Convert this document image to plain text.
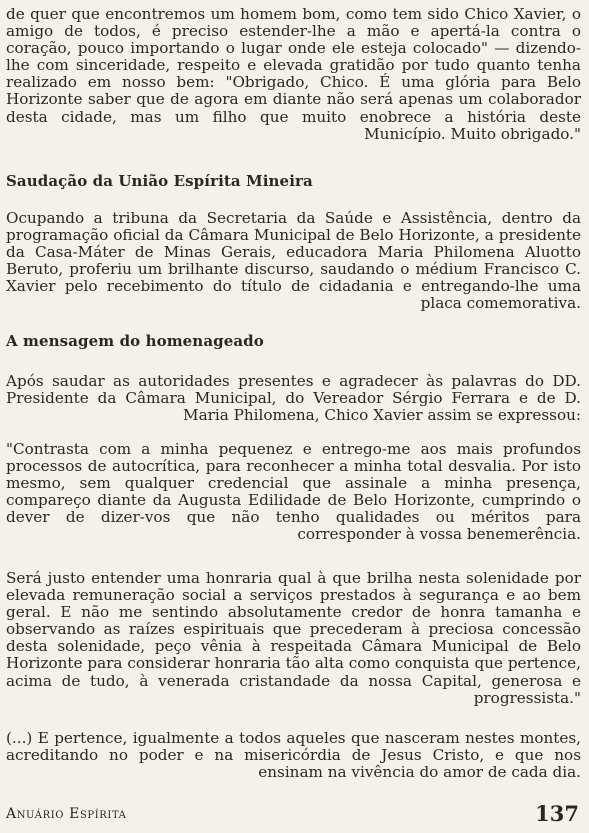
de quer que encontremos um homem bom, como tem sido Chico Xavier, o amigo de todos, é preciso estender-lhe a mão e apertá-la contra o coração, pouco importando o lugar onde ele esteja colocado" — dizendo-lhe com sinceridade, respeito e elevada gratidão por tudo quanto tenha realizado em nosso bem: "Obrigado, Chico. É uma glória para Belo Horizonte saber que de agora em diante não será apenas um colaborador desta cidade, mas um filho que muito enobrece a história deste Município. Muito obrigado."
Saudação da União Espírita Mineira
Ocupando a tribuna da Secretaria da Saúde e Assistência, dentro da programação oficial da Câmara Municipal de Belo Horizonte, a presidente da Casa-Máter de Minas Gerais, educadora Maria Philomena Aluotto Beruto, proferiu um brilhante discurso, saudando o médium Francisco C. Xavier pelo recebimento do título de cidadania e entregando-lhe uma placa comemorativa.
A mensagem do homenageado
Após saudar as autoridades presentes e agradecer às palavras do DD. Presidente da Câmara Municipal, do Vereador Sérgio Ferrara e de D. Maria Philomena, Chico Xavier assim se expressou:
"Contrasta com a minha pequenez e entrego-me aos mais profundos processos de autocrítica, para reconhecer a minha total desvalia. Por isto mesmo, sem qualquer credencial que assinale a minha presença, compareço diante da Augusta Edilidade de Belo Horizonte, cumprindo o dever de dizer-vos que não tenho qualidades ou méritos para corresponder à vossa benemerência.
Será justo entender uma honraria qual à que brilha nesta solenidade por elevada remuneração social a serviços prestados à segurança e ao bem geral. E não me sentindo absolutamente credor de honra tamanha e observando as raízes espirituais que precederam à preciosa concessão desta solenidade, peço vênia à respeitada Câmara Municipal de Belo Horizonte para considerar honraria tão alta como conquista que pertence, acima de tudo, à venerada cristandade da nossa Capital, generosa e progressista."
(...) E pertence, igualmente a todos aqueles que nasceram nestes montes, acreditando no poder e na misericórdia de Jesus Cristo, e que nos ensinam na vivência do amor de cada dia.
Anuário Espírita	137
